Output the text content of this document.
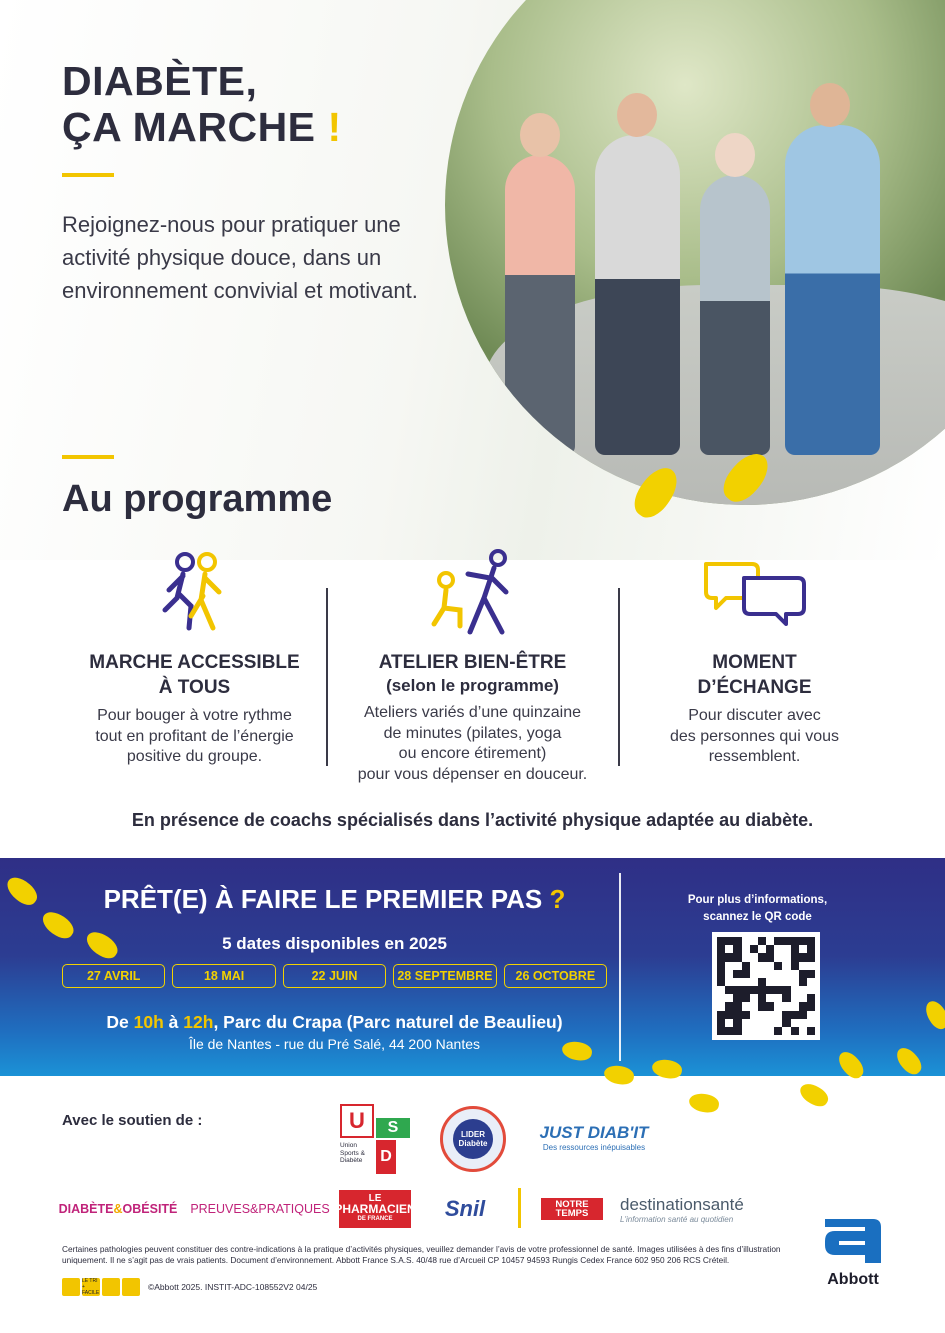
DIABÈTE,
ÇA MARCHE !
Rejoignez-nous pour pratiquer une activité physique douce, dans un environnement convivial et motivant.
Au programme
MARCHE ACCESSIBLE
À TOUS

Pour bouger à votre rythme
tout en profitant de l’énergie
positive du groupe.

ATELIER BIEN-ÊTRE
(selon le programme)

Ateliers variés d’une quinzaine
de minutes (pilates, yoga
ou encore étirement)
pour vous dépenser en douceur.

MOMENT
D’ÉCHANGE

Pour discuter avec
des personnes qui vous
ressemblent.

En présence de coachs spécialisés dans l’activité physique adaptée au diabète.
PRÊT(E) À FAIRE LE PREMIER PAS ?
5 dates disponibles en 2025
27 AVRIL	18 MAI	22 JUIN	28 SEPTEMBRE	26 OCTOBRE
De 10h à 12h, Parc du Crapa (Parc naturel de Beaulieu)
Île de Nantes - rue du Pré Salé, 44 200 Nantes
Pour plus d’informations,
scannez le QR code
Avec le soutien de :	U	S
D
Union Sports & Diabète
LIDER Diabète
JUST DIAB'IT
Des ressources inépuisables
DIABÈTE & OBÉSITÉ PREUVES&PRATIQUES
LE
PHARMACIEN
DE FRANCE	Snil	NOTRE
TEMPS destinationsanté
L'information santé au quotidien
Certaines pathologies peuvent constituer des contre-indications à la pratique d’activités physiques, veuillez demander l’avis de votre professionnel de santé. Images utilisées à des fins d’illustration uniquement. Il ne s’agit pas de vrais patients. Document d’environnement. Abbott France S.A.S. 40/48 rue d’Arcueil CP 10457 94593 Rungis Cedex France 602 950 206 RCS Créteil.
LE TRI + FACILE
©Abbott 2025. INSTIT-ADC-108552V2 04/25	Abbott
